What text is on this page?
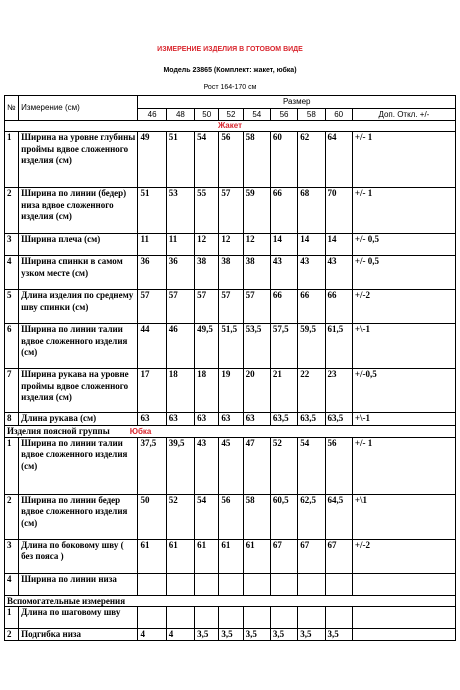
ИЗМЕРЕНИЕ ИЗДЕЛИЯ В ГОТОВОМ ВИДЕ
Модель 23865 (Комплект: жакет, юбка)
Рост 164-170 см
№	Измерение (см)	Размер								
		46	48	50	52	54	56	58	60	Доп. Откл. +/-
Жакет										
1	Ширина на уровне глубины проймы вдвое сложенного изделия (см)	49	51	54	56	58	60	62	64	+/- 1
2	Ширина по линии (бедер) низа вдвое сложенного изделия (см)	51	53	55	57	59	66	68	70	+/- 1
3	Ширина плеча (см)	11	11	12	12	12	14	14	14	+/- 0,5
4	Ширина спинки в самом узком месте (см)	36	36	38	38	38	43	43	43	+/- 0,5
5	Длина изделия по среднему шву спинки (см)	57	57	57	57	57	66	66	66	+/-2
6	Ширина по линии талии вдвое сложенного изделия (см)	44	46	49,5	51,5	53,5	57,5	59,5	61,5	+\-1
7	Ширина рукава на уровне проймы вдвое сложенного изделия (см)	17	18	18	19	20	21	22	23	+/-0,5
8	Длина рукава (см)	63	63	63	63	63	63,5	63,5	63,5	+\-1
Изделия поясной группы Юбка										
1	Ширина по линии талии вдвое сложенного изделия (см)	37,5	39,5	43	45	47	52	54	56	+/- 1
2	Ширина по линии бедер вдвое сложенного изделия (см)	50	52	54	56	58	60,5	62,5	64,5	+\1
3	Длина по боковому шву ( без пояса )	61	61	61	61	61	67	67	67	+/-2
4	Ширина по линии низа									
Вспомогательные измерения										
1	Длина по шаговому шву									
2	Подгибка низа	4	4	3,5	3,5	3,5	3,5	3,5	3,5	
